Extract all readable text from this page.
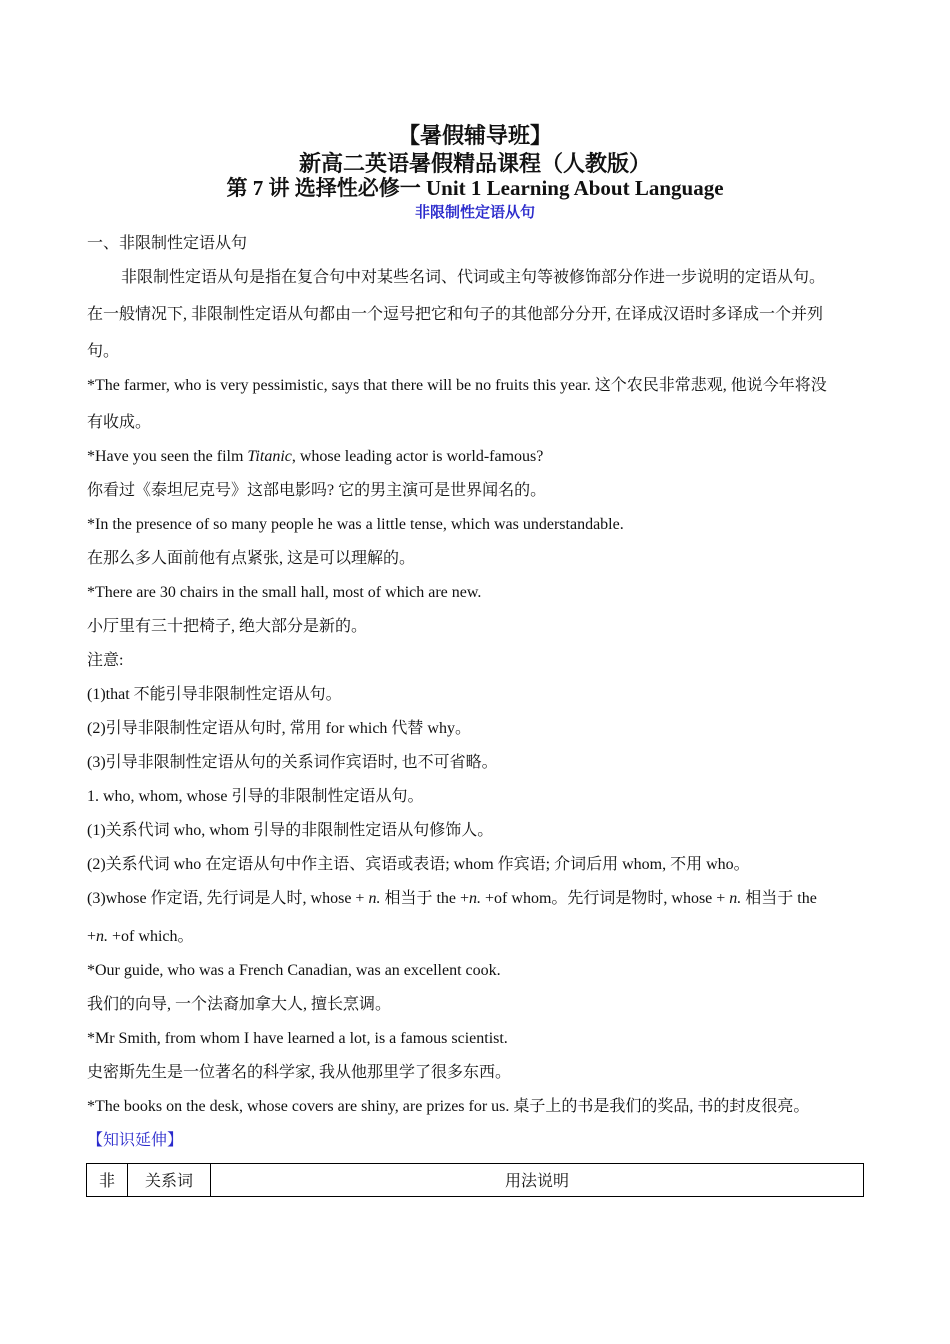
【暑假辅导班】
新高二英语暑假精品课程（人教版）
第 7 讲 选择性必修一 Unit 1 Learning About Language
非限制性定语从句
一、非限制性定语从句
非限制性定语从句是指在复合句中对某些名词、代词或主句等被修饰部分作进一步说明的定语从句。
在一般情况下, 非限制性定语从句都由一个逗号把它和句子的其他部分分开, 在译成汉语时多译成一个并列
句。
*The farmer, who is very pessimistic, says that there will be no fruits this year. 这个农民非常悲观, 他说今年将没
有收成。
*Have you seen the film Titanic, whose leading actor is world-famous?
你看过《泰坦尼克号》这部电影吗? 它的男主演可是世界闻名的。
*In the presence of so many people he was a little tense, which was understandable.
在那么多人面前他有点紧张, 这是可以理解的。
*There are 30 chairs in the small hall, most of which are new.
小厅里有三十把椅子, 绝大部分是新的。
注意:
(1)that 不能引导非限制性定语从句。
(2)引导非限制性定语从句时, 常用 for which 代替 why。
(3)引导非限制性定语从句的关系词作宾语时, 也不可省略。
1. who, whom, whose 引导的非限制性定语从句。
(1)关系代词 who, whom 引导的非限制性定语从句修饰人。
(2)关系代词 who 在定语从句中作主语、宾语或表语; whom 作宾语; 介词后用 whom, 不用 who。
(3)whose 作定语, 先行词是人时, whose + n. 相当于 the +n. +of whom。先行词是物时, whose + n. 相当于 the
+n. +of which。
*Our guide, who was a French Canadian, was an excellent cook.
我们的向导, 一个法裔加拿大人, 擅长烹调。
*Mr Smith, from whom I have learned a lot, is a famous scientist.
史密斯先生是一位著名的科学家, 我从他那里学了很多东西。
*The books on the desk, whose covers are shiny, are prizes for us. 桌子上的书是我们的奖品, 书的封皮很亮。
【知识延伸】
非	关系词	用法说明
